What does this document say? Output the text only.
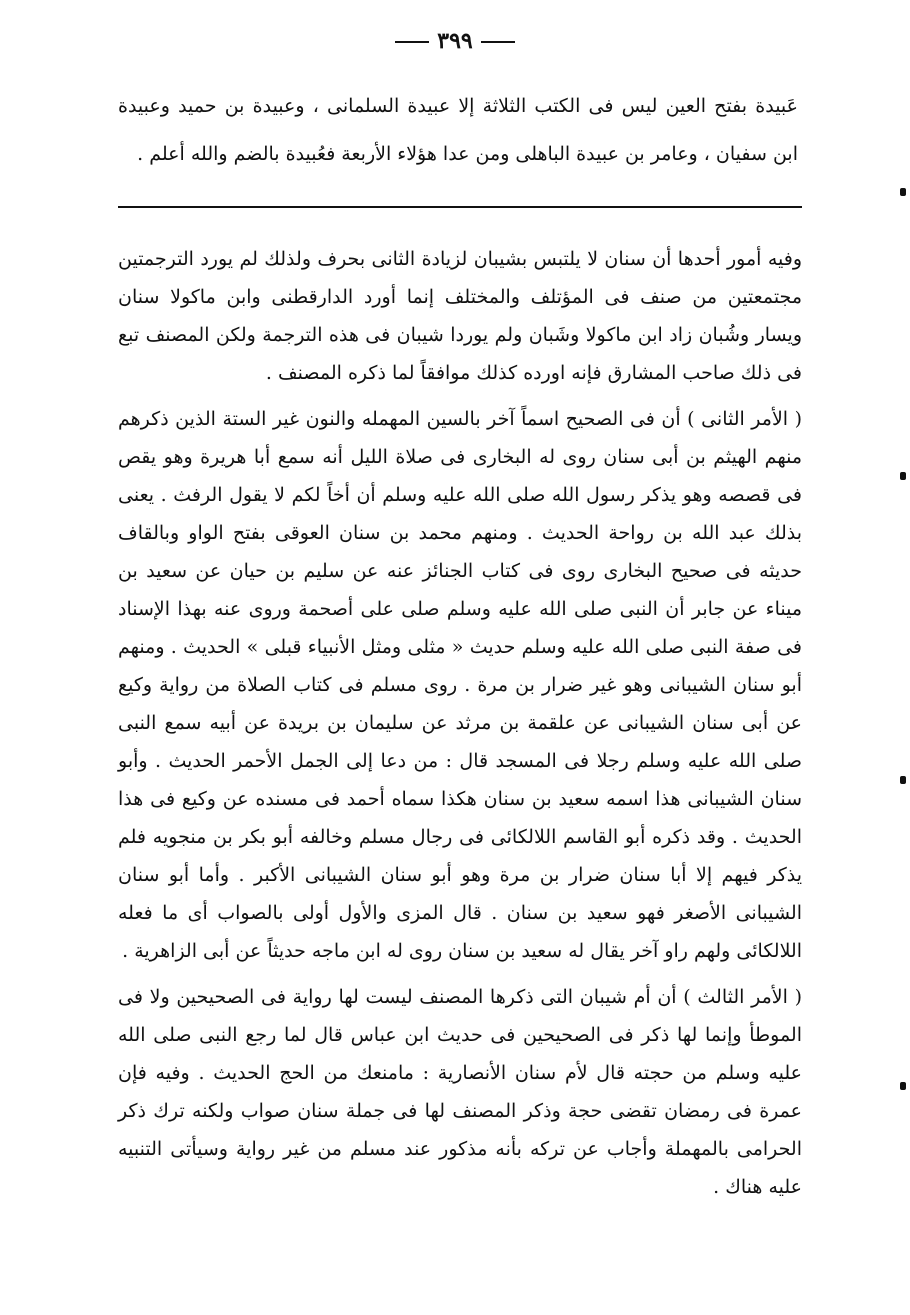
٣٩٩
عَبيدة بفتح العين ليس فى الكتب الثلاثة إلا عبيدة السلمانى ، وعبيدة بن حميد وعبيدة ابن سفيان ، وعامر بن عبيدة الباهلى ومن عدا هؤلاء الأربعة فعُبيدة بالضم والله أعلم .

وفيه أمور أحدها أن سنان لا يلتبس بشيبان لزيادة الثانى بحرف ولذلك لم يورد الترجمتين مجتمعتين من صنف فى المؤتلف والمختلف إنما أورد الدارقطنى وابن ماكولا سنان ويسار وشُبان زاد ابن ماكولا وشَبان ولم يوردا شيبان فى هذه الترجمة ولكن المصنف تبع فى ذلك صاحب المشارق فإنه اورده كذلك موافقاً لما ذكره المصنف .

( الأمر الثانى ) أن فى الصحيح اسماً آخر بالسين المهمله والنون غير الستة الذين ذكرهم منهم الهيثم بن أبى سنان روى له البخارى فى صلاة الليل أنه سمع أبا هريرة وهو يقص فى قصصه وهو يذكر رسول الله صلى الله عليه وسلم أن أخاً لكم لا يقول الرفث . يعنى بذلك عبد الله بن رواحة الحديث . ومنهم محمد بن سنان العوقى بفتح الواو وبالقاف حديثه فى صحيح البخارى روى فى كتاب الجنائز عنه عن سليم بن حيان عن سعيد بن ميناء عن جابر أن النبى صلى الله عليه وسلم صلى على أصحمة وروى عنه بهذا الإسناد فى صفة النبى صلى الله عليه وسلم حديث « مثلى ومثل الأنبياء قبلى » الحديث . ومنهم أبو سنان الشيبانى وهو غير ضرار بن مرة . روى مسلم فى كتاب الصلاة من رواية وكيع عن أبى سنان الشيبانى عن علقمة بن مرثد عن سليمان بن بريدة عن أبيه سمع النبى صلى الله عليه وسلم رجلا فى المسجد قال : من دعا إلى الجمل الأحمر الحديث . وأبو سنان الشيبانى هذا اسمه سعيد بن سنان هكذا سماه أحمد فى مسنده عن وكيع فى هذا الحديث . وقد ذكره أبو القاسم اللالكائى فى رجال مسلم وخالفه أبو بكر بن منجويه فلم يذكر فيهم إلا أبا سنان ضرار بن مرة وهو أبو سنان الشيبانى الأكبر . وأما أبو سنان الشيبانى الأصغر فهو سعيد بن سنان . قال المزى والأول أولى بالصواب أى ما فعله اللالكائى ولهم راو آخر يقال له سعيد بن سنان روى له ابن ماجه حديثاً عن أبى الزاهرية .

( الأمر الثالث ) أن أم شيبان التى ذكرها المصنف ليست لها رواية فى الصحيحين ولا فى الموطأ وإنما لها ذكر فى الصحيحين فى حديث ابن عباس قال لما رجع النبى صلى الله عليه وسلم من حجته قال لأم سنان الأنصارية : مامنعك من الحج الحديث . وفيه فإن عمرة فى رمضان تقضى حجة وذكر المصنف لها فى جملة سنان صواب ولكنه ترك ذكر الحرامى بالمهملة وأجاب عن تركه بأنه مذكور عند مسلم من غير رواية وسيأتى التنبيه عليه هناك .
